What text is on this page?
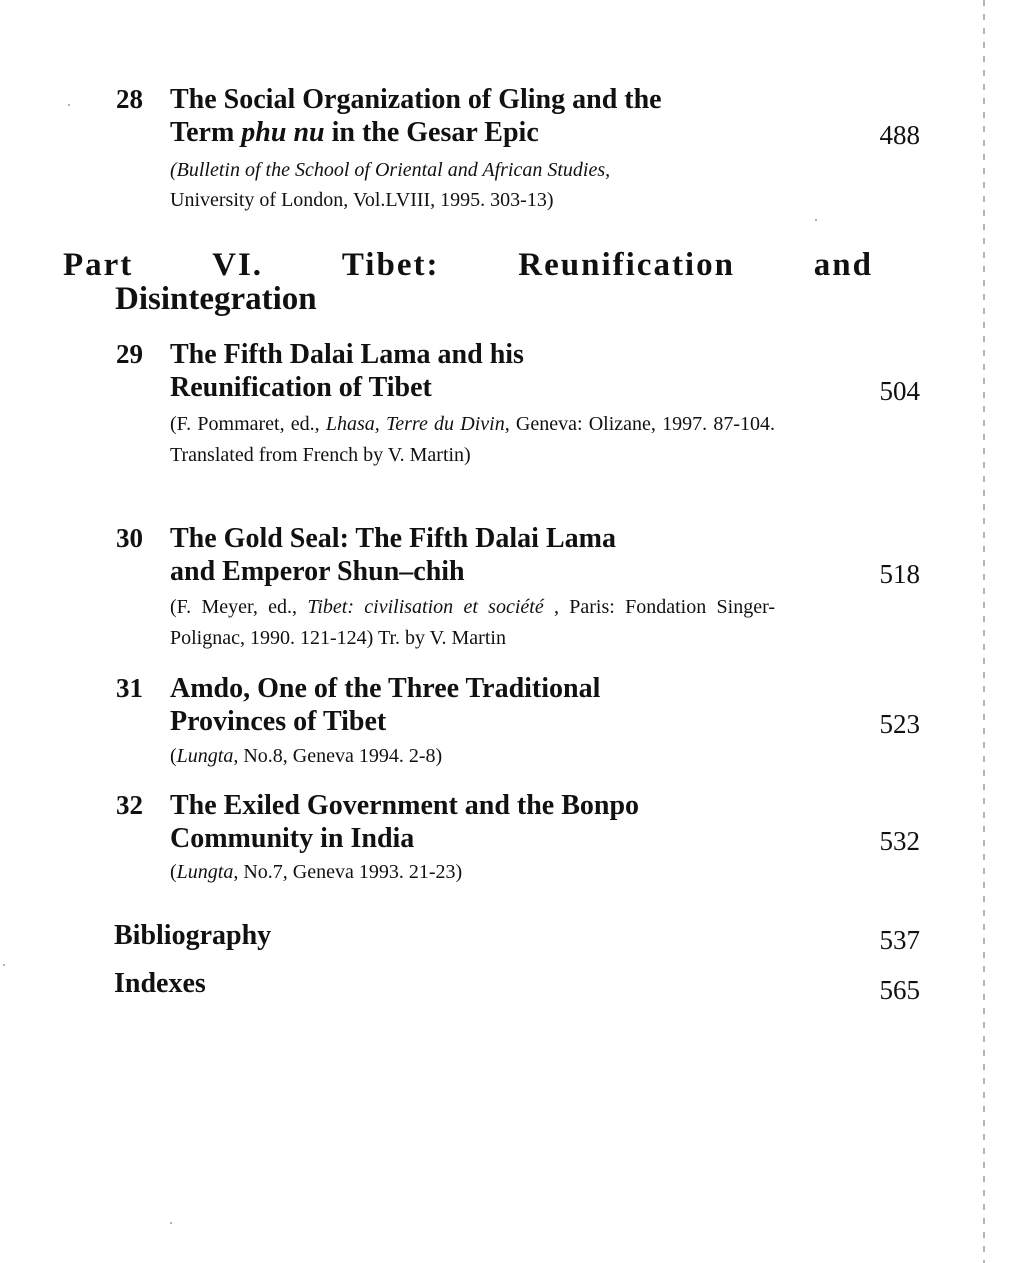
28 The Social Organization of Gling and the
Term phu nu in the Gesar Epic	488
(Bulletin of the School of Oriental and African Studies,
University of London, Vol.LVIII, 1995. 303-13)
Part VI. Tibet: Reunification and
Disintegration
29 The Fifth Dalai Lama and his
Reunification of Tibet	504
(F. Pommaret, ed., Lhasa, Terre du Divin, Geneva: Olizane, 1997. 87-104. Translated from French by V. Martin)
30 The Gold Seal: The Fifth Dalai Lama
and Emperor Shun–chih	518
(F. Meyer, ed., Tibet: civilisation et société , Paris: Fondation Singer-Polignac, 1990. 121-124) Tr. by V. Martin
31 Amdo, One of the Three Traditional
Provinces of Tibet	523
(Lungta, No.8, Geneva 1994. 2-8)
32 The Exiled Government and the Bonpo
Community in India	532
(Lungta, No.7, Geneva 1993. 21-23)
Bibliography	537
Indexes	565
